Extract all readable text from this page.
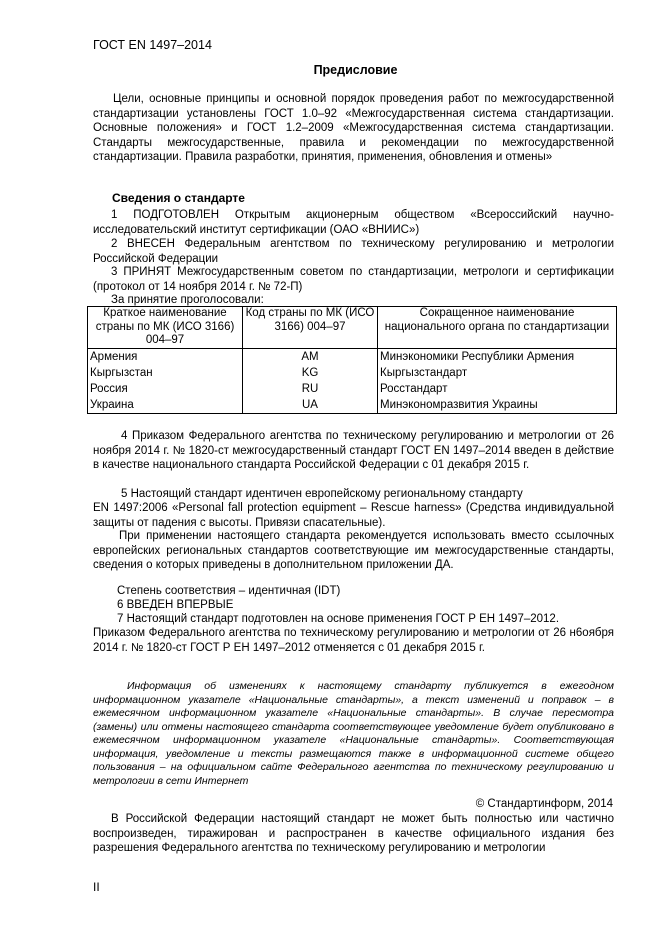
ГОСТ EN 1497–2014
Предисловие
Цели, основные принципы и основной порядок проведения работ по межгосударственной стандартизации установлены ГОСТ 1.0–92 «Межгосударственная система стандартизации. Основные положения» и ГОСТ 1.2–2009 «Межгосударственная система стандартизации. Стандарты межгосударственные, правила и рекомендации по межгосударственной стандартизации. Правила разработки, принятия, применения, обновления и отмены»
Сведения о стандарте
1 ПОДГОТОВЛЕН Открытым акционерным обществом «Всероссийский научно-исследовательский институт сертификации (ОАО «ВНИИС»)
2 ВНЕСЕН Федеральным агентством по техническому регулированию и метрологии Российской Федерации
3 ПРИНЯТ Межгосударственным советом по стандартизации, метрологи и сертификации (протокол от 14 ноября 2014 г. № 72-П)
За принятие проголосовали:
Краткое наименование страны по МК (ИСО 3166) 004–97	Код страны по МК (ИСО 3166) 004–97	Сокращенное наименование национального органа по стандартизации
Армения	AM	Минэкономики Республики Армения
Кыргызстан	KG	Кыргызстандарт
Россия	RU	Росстандарт
Украина	UA	Минэкономразвития Украины
4 Приказом Федерального агентства по техническому регулированию и метрологии от 26 ноября 2014 г. № 1820-ст межгосударственный стандарт ГОСТ EN 1497–2014 введен в действие в качестве национального стандарта Российской Федерации с 01 декабря 2015 г.
5 Настоящий стандарт идентичен европейскому региональному стандарту
EN 1497:2006 «Personal fall protection equipment – Rescue harness» (Средства индивидуальной защиты от падения с высоты. Привязи спасательные).
При применении настоящего стандарта рекомендуется использовать вместо ссылочных европейских региональных стандартов соответствующие им межгосударственные стандарты, сведения о которых приведены в дополнительном приложении ДА.
Степень соответствия – идентичная (IDT)
6 ВВЕДЕН ВПЕРВЫЕ
7 Настоящий стандарт подготовлен на основе применения ГОСТ Р ЕН 1497–2012.
Приказом Федерального агентства по техническому регулированию и метрологии от 26 н6оября 2014 г. № 1820-ст ГОСТ Р ЕН 1497–2012 отменяется с 01 декабря 2015 г.
Информация об изменениях к настоящему стандарту публикуется в ежегодном информационном указателе «Национальные стандарты», а текст изменений и поправок – в ежемесячном информационном указателе «Национальные стандарты». В случае пересмотра (замены) или отмены настоящего стандарта соответствующее уведомление будет опубликовано в ежемесячном информационном указателе «Национальные стандарты». Соответствующая информация, уведомление и тексты размещаются также в информационной системе общего пользования – на официальном сайте Федерального агентства по техническому регулированию и метрологии в сети Интернет
© Стандартинформ, 2014
В Российской Федерации настоящий стандарт не может быть полностью или частично воспроизведен, тиражирован и распространен в качестве официального издания без разрешения Федерального агентства по техническому регулированию и метрологии
II
